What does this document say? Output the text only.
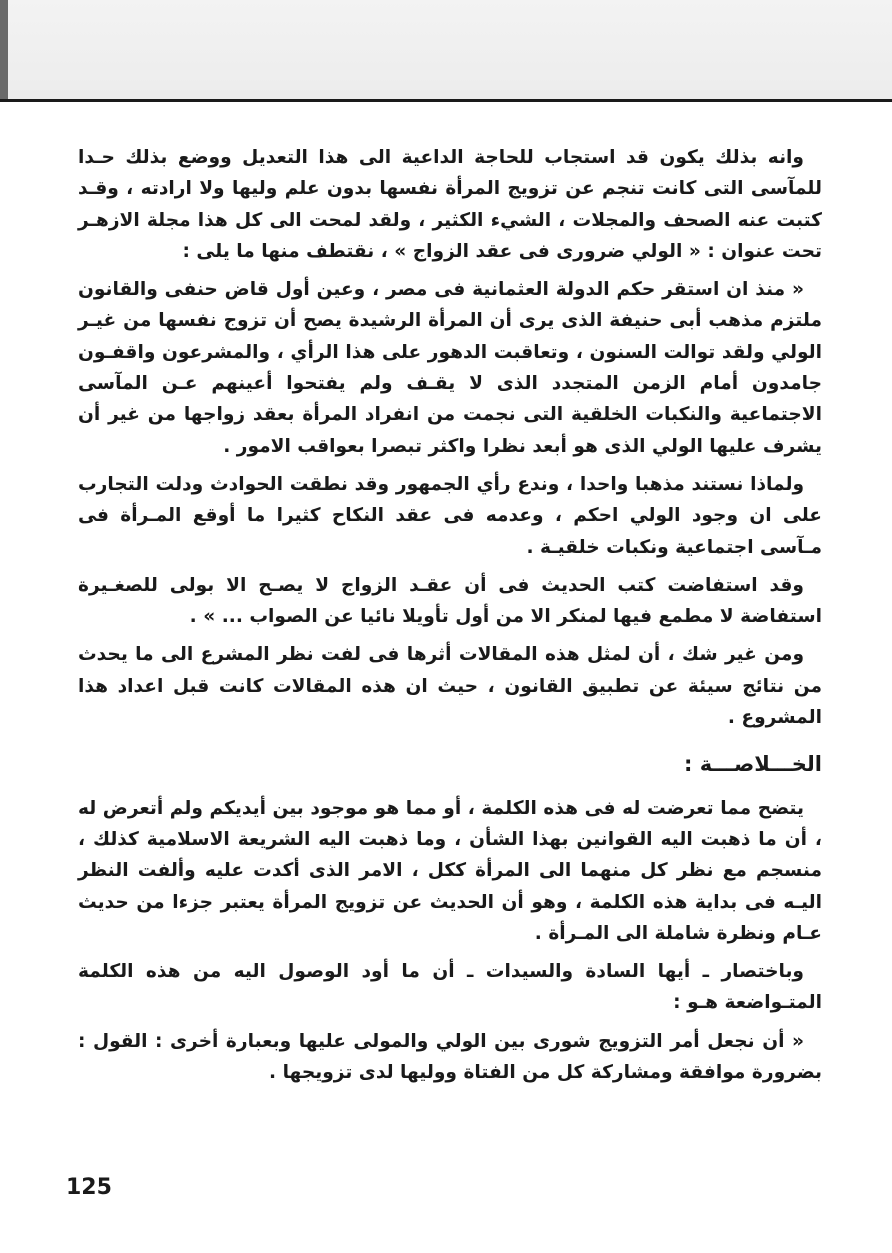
وانه بذلك يكون قد استجاب للحاجة الداعية الى هذا التعديل ووضع بذلك حـدا للمآسى التى كانت تنجم عن تزويج المرأة نفسها بدون علم وليها ولا ارادته ، وقـد كتبت عنه الصحف والمجلات ، الشيء الكثير ، ولقد لمحت الى كل هذا مجلة الازهـر تحت عنوان : « الولي ضرورى فى عقد الزواج » ، نقتطف منها ما يلى :

« منذ ان استقر حكم الدولة العثمانية فى مصر ، وعين أول قاض حنفى والقانون ملتزم مذهب أبى حنيفة الذى يرى أن المرأة الرشيدة يصح أن تزوج نفسها من غيـر الولي ولقد توالت السنون ، وتعاقبت الدهور على هذا الرأي ، والمشرعون واقفـون جامدون أمام الزمن المتجدد الذى لا يقـف ولم يفتحوا أعينهم عـن المآسى الاجتماعية والنكبات الخلقية التى نجمت من انفراد المرأة بعقد زواجها من غير أن يشرف عليها الولي الذى هو أبعد نظرا واكثر تبصرا بعواقب الامور .

ولماذا نستند مذهبا واحدا ، وندع رأي الجمهور وقد نطقت الحوادث ودلت التجارب على ان وجود الولي احكم ، وعدمه فى عقد النكاح كثيرا ما أوقع المـرأة فى مـآسى اجتماعية ونكبات خلقيـة .

وقد استفاضت كتب الحديث فى أن عقـد الزواج لا يصـح الا بولى للصغـيرة استفاضة لا مطمع فيها لمنكر الا من أول تأويلا نائيا عن الصواب ... » .

ومن غير شك ، أن لمثل هذه المقالات أثرها فى لفت نظر المشرع الى ما يحدث من نتائج سيئة عن تطبيق القانون ، حيث ان هذه المقالات كانت قبل اعداد هذا المشروع .

الخـــلاصـــة :

يتضح مما تعرضت له فى هذه الكلمة ، أو مما هو موجود بين أيديكم ولم أتعرض له ، أن ما ذهبت اليه القوانين بهذا الشأن ، وما ذهبت اليه الشريعة الاسلامية كذلك ، منسجم مع نظر كل منهما الى المرأة ككل ، الامر الذى أكدت عليه وألفت النظر اليـه فى بداية هذه الكلمة ، وهو أن الحديث عن تزويج المرأة يعتبر جزءا من حديث عـام ونظرة شاملة الى المـرأة .

وباختصار ـ أيها السادة والسيدات ـ أن ما أود الوصول اليه من هذه الكلمة المتـواضعة هـو :

« أن نجعل أمر التزويج شورى بين الولي والمولى عليها وبعبارة أخرى : القول : بضرورة موافقة ومشاركة كل من الفتاة ووليها لدى تزويجها .

125
